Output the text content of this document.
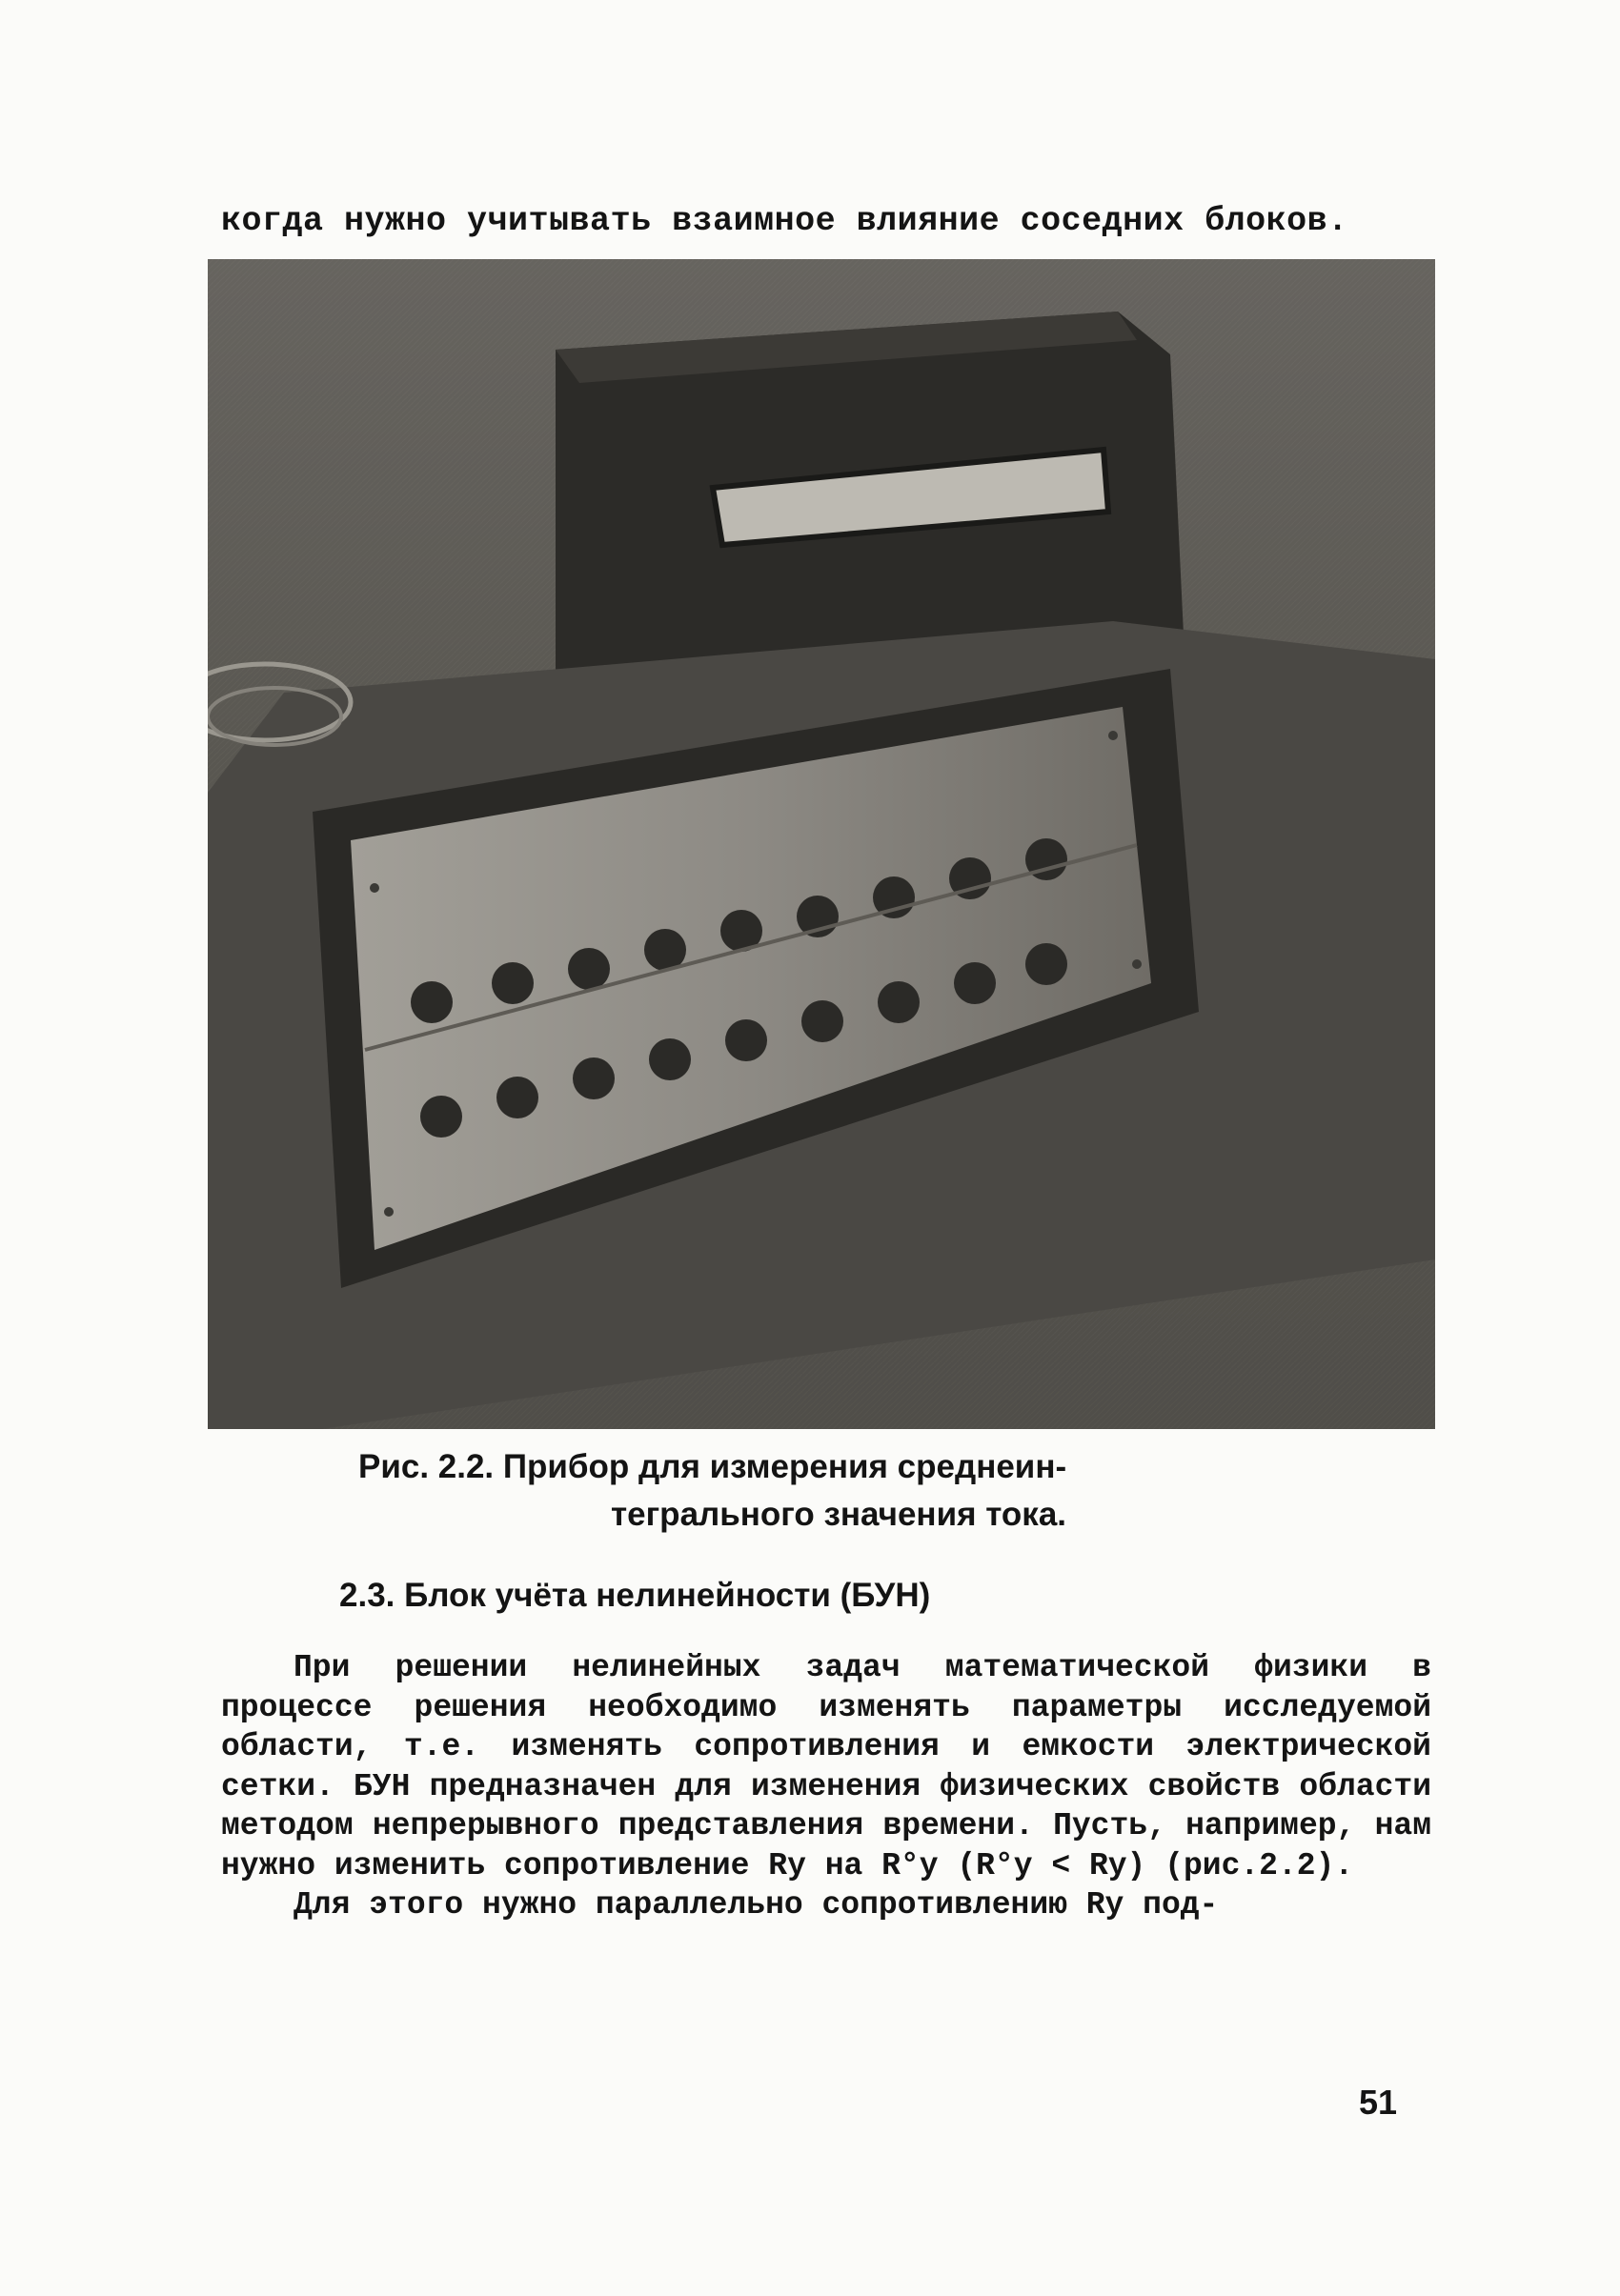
когда нужно учитывать взаимное влияние соседних блоков.
Рис. 2.2. Прибор для измерения среднеин-
тегрального значения тока.
2.3. Блок учёта нелинейности (БУН)

При решении нелинейных задач математической физики в процессе решения необходимо изменять параметры исследуемой области, т.е. изменять сопротивления и емкости электрической сетки. БУН предназначен для изменения физических свойств области методом непрерывного представления времени. Пусть, например, нам нужно изменить сопротивление Rу на R°у (R°у < Rу) (рис.2.2).

Для этого нужно параллельно сопротивлению Rу под-

51
